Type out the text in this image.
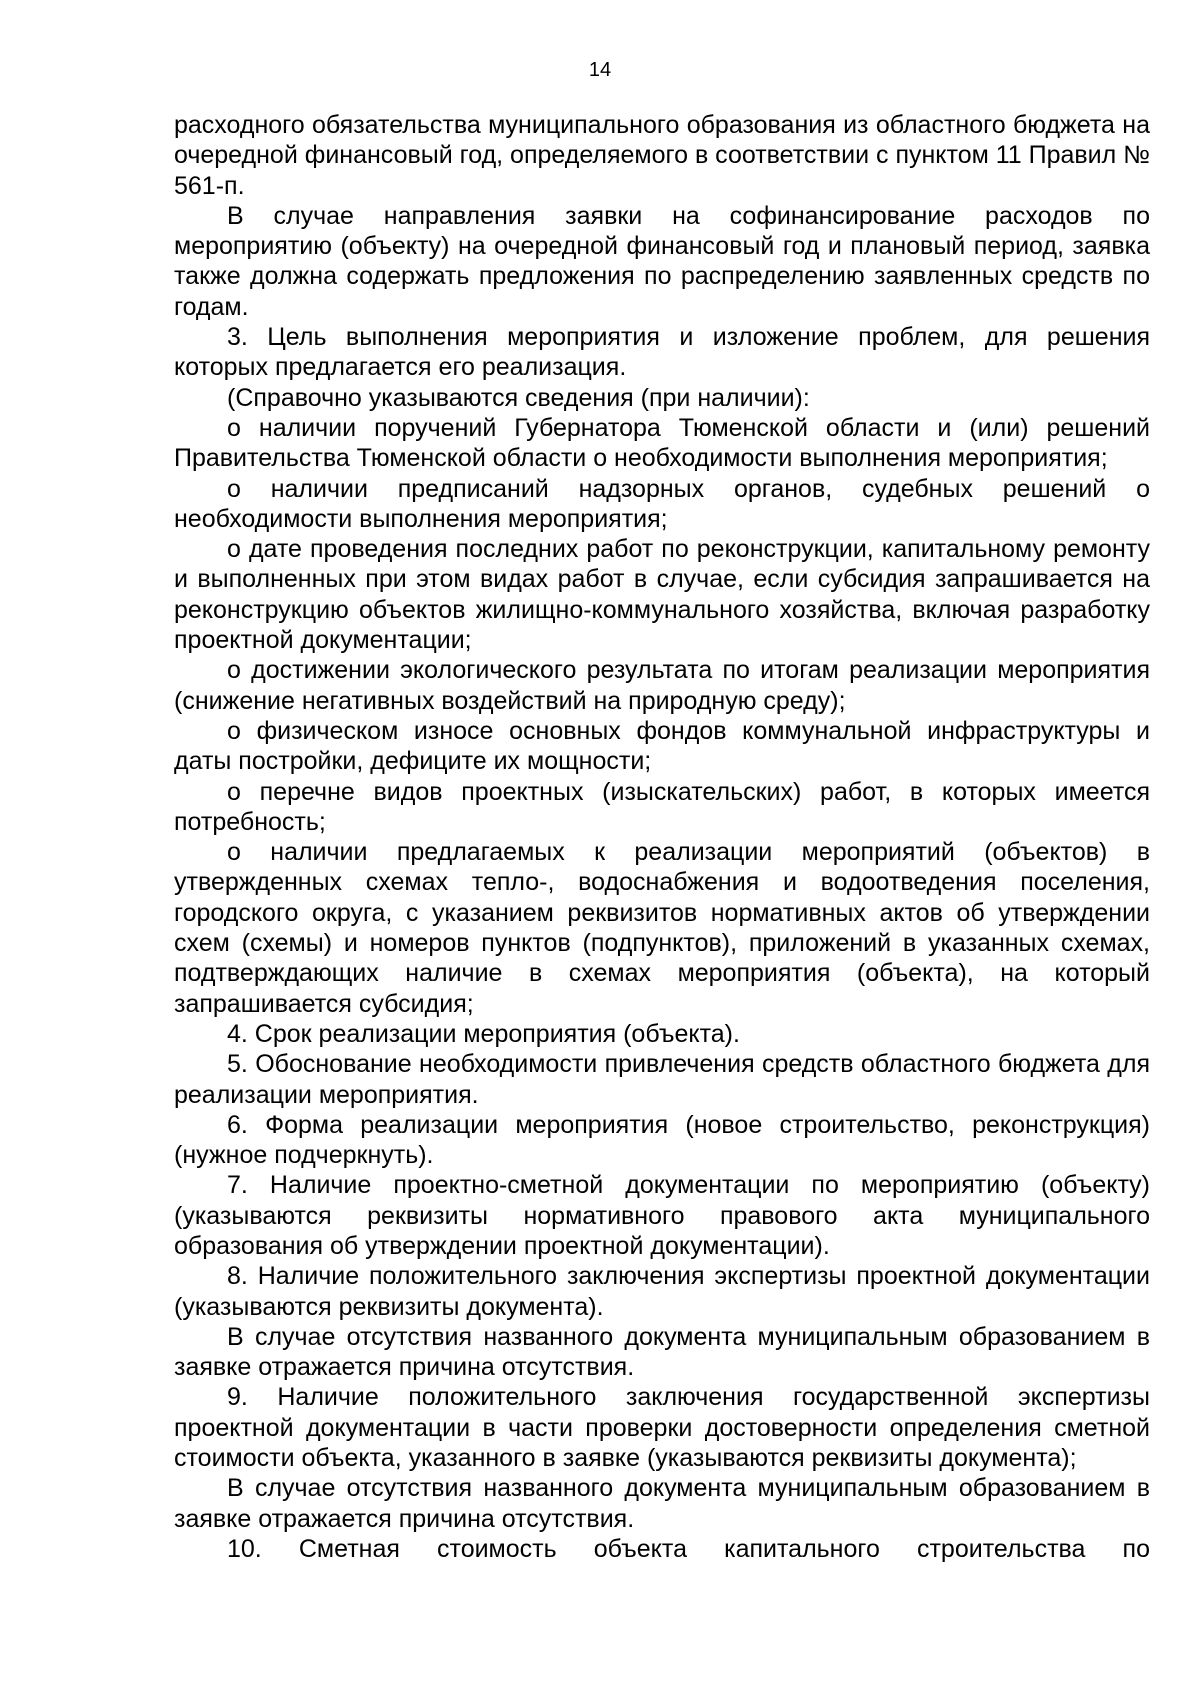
14

расходного обязательства муниципального образования из областного бюджета на очередной финансовый год, определяемого в соответствии с пунктом 11 Правил № 561-п.

В случае направления заявки на софинансирование расходов по мероприятию (объекту) на очередной финансовый год и плановый период, заявка также должна содержать предложения по распределению заявленных средств по годам.

3. Цель выполнения мероприятия и изложение проблем, для решения которых предлагается его реализация.

(Справочно указываются сведения (при наличии):

о наличии поручений Губернатора Тюменской области и (или) решений Правительства Тюменской области о необходимости выполнения мероприятия;

о наличии предписаний надзорных органов, судебных решений о необходимости выполнения мероприятия;

о дате проведения последних работ по реконструкции, капитальному ремонту и выполненных при этом видах работ в случае, если субсидия запрашивается на реконструкцию объектов жилищно-коммунального хозяйства, включая разработку проектной документации;

о достижении экологического результата по итогам реализации мероприятия (снижение негативных воздействий на природную среду);

о физическом износе основных фондов коммунальной инфраструктуры и даты постройки, дефиците их мощности;

о перечне видов проектных (изыскательских) работ, в которых имеется потребность;

о наличии предлагаемых к реализации мероприятий (объектов) в утвержденных схемах тепло-, водоснабжения и водоотведения поселения, городского округа, с указанием реквизитов нормативных актов об утверждении схем (схемы) и номеров пунктов (подпунктов), приложений в указанных схемах, подтверждающих наличие в схемах мероприятия (объекта), на который запрашивается субсидия;

4. Срок реализации мероприятия (объекта).

5. Обоснование необходимости привлечения средств областного бюджета для реализации мероприятия.

6. Форма реализации мероприятия (новое строительство, реконструкция) (нужное подчеркнуть).

7. Наличие проектно-сметной документации по мероприятию (объекту) (указываются реквизиты нормативного правового акта муниципального образования об утверждении проектной документации).

8. Наличие положительного заключения экспертизы проектной документации (указываются реквизиты документа).

В случае отсутствия названного документа муниципальным образованием в заявке отражается причина отсутствия.

9. Наличие положительного заключения государственной экспертизы проектной документации в части проверки достоверности определения сметной стоимости объекта, указанного в заявке (указываются реквизиты документа);

В случае отсутствия названного документа муниципальным образованием в заявке отражается причина отсутствия.

10. Сметная стоимость объекта капитального строительства по
